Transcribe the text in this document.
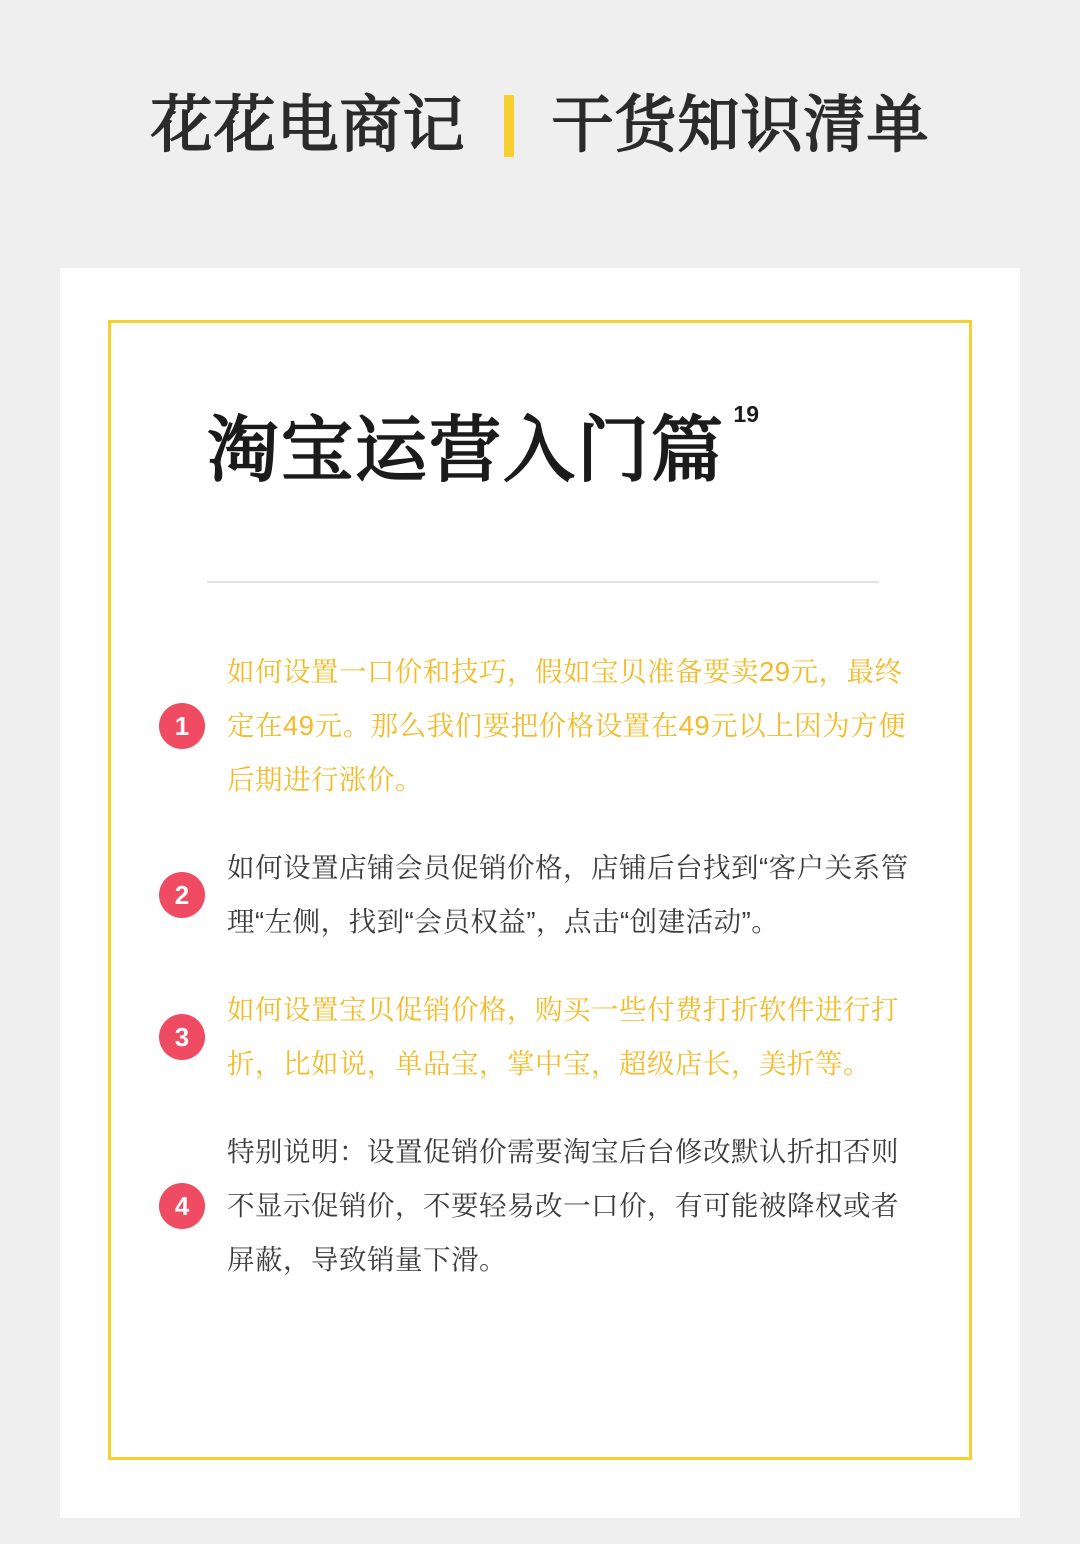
花花电商记 干货知识清单
淘宝运营入门篇 19
1
如何设置一口价和技巧，假如宝贝准备要卖29元，最终定在49元。那么我们要把价格设置在49元以上因为方便后期进行涨价。
2
如何设置店铺会员促销价格，店铺后台找到“客户关系管理“左侧，找到“会员权益”，点击“创建活动”。
3
如何设置宝贝促销价格，购买一些付费打折软件进行打折，比如说，单品宝，掌中宝，超级店长，美折等。
4
特别说明：设置促销价需要淘宝后台修改默认折扣否则不显示促销价，不要轻易改一口价，有可能被降权或者屏蔽，导致销量下滑。
